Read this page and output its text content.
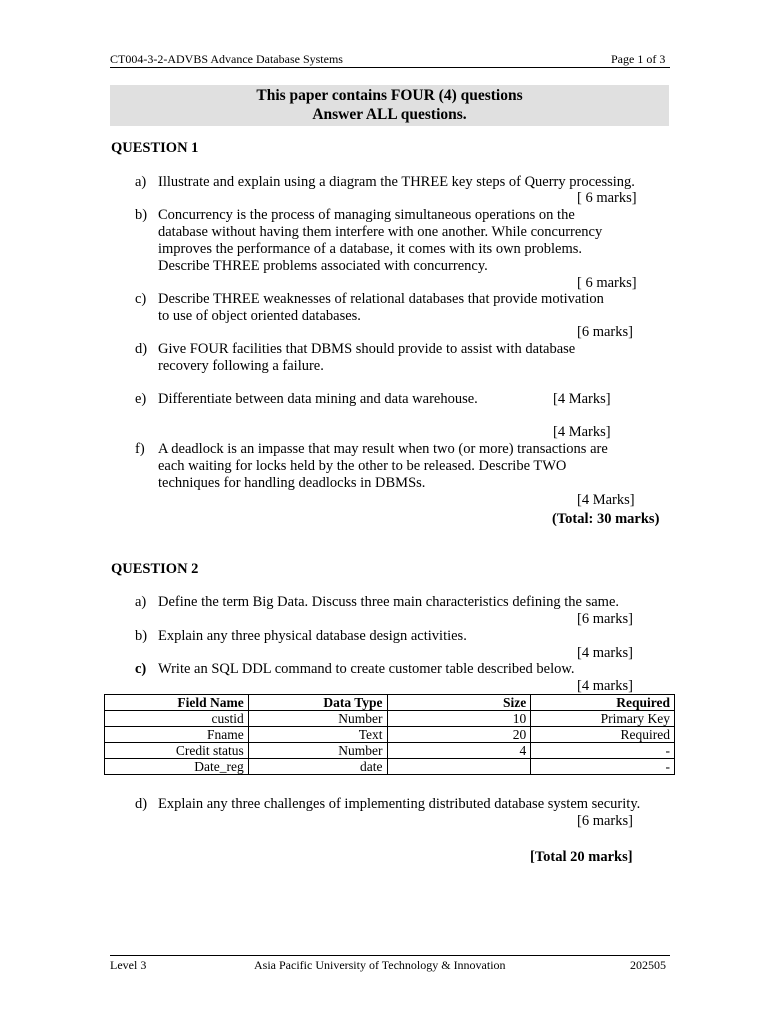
CT004-3-2-ADVBS Advance Database Systems	Page 1 of 3
This paper contains FOUR (4) questions
Answer ALL questions.
QUESTION 1
a) Illustrate and explain using a diagram the THREE key steps of Querry processing.
[ 6 marks]
b) Concurrency is the process of managing simultaneous operations on the
database without having them interfere with one another. While concurrency
improves the performance of a database, it comes with its own problems.
Describe THREE problems associated with concurrency.
[ 6 marks]
c) Describe THREE weaknesses of relational databases that provide motivation
to use of object oriented databases.
[6 marks]
d) Give FOUR facilities that DBMS should provide to assist with database
recovery following a failure.
e) Differentiate between data mining and data warehouse.	[4 Marks]
[4 Marks]
f) A deadlock is an impasse that may result when two (or more) transactions are
each waiting for locks held by the other to be released. Describe TWO
techniques for handling deadlocks in DBMSs.
[4 Marks]
(Total: 30 marks)
QUESTION 2
a) Define the term Big Data. Discuss three main characteristics defining the same.
[6 marks]
b) Explain any three physical database design activities.
[4 marks]
c) Write an SQL DDL command to create customer table described below.
[4 marks]
Field Name	Data Type	Size	Required
custid	Number	10	Primary Key
Fname	Text	20	Required
Credit status	Number	4	-
Date_reg	date		-
d) Explain any three challenges of implementing distributed database system security.
[6 marks]
[Total 20 marks]
Level 3	Asia Pacific University of Technology & Innovation	202505
